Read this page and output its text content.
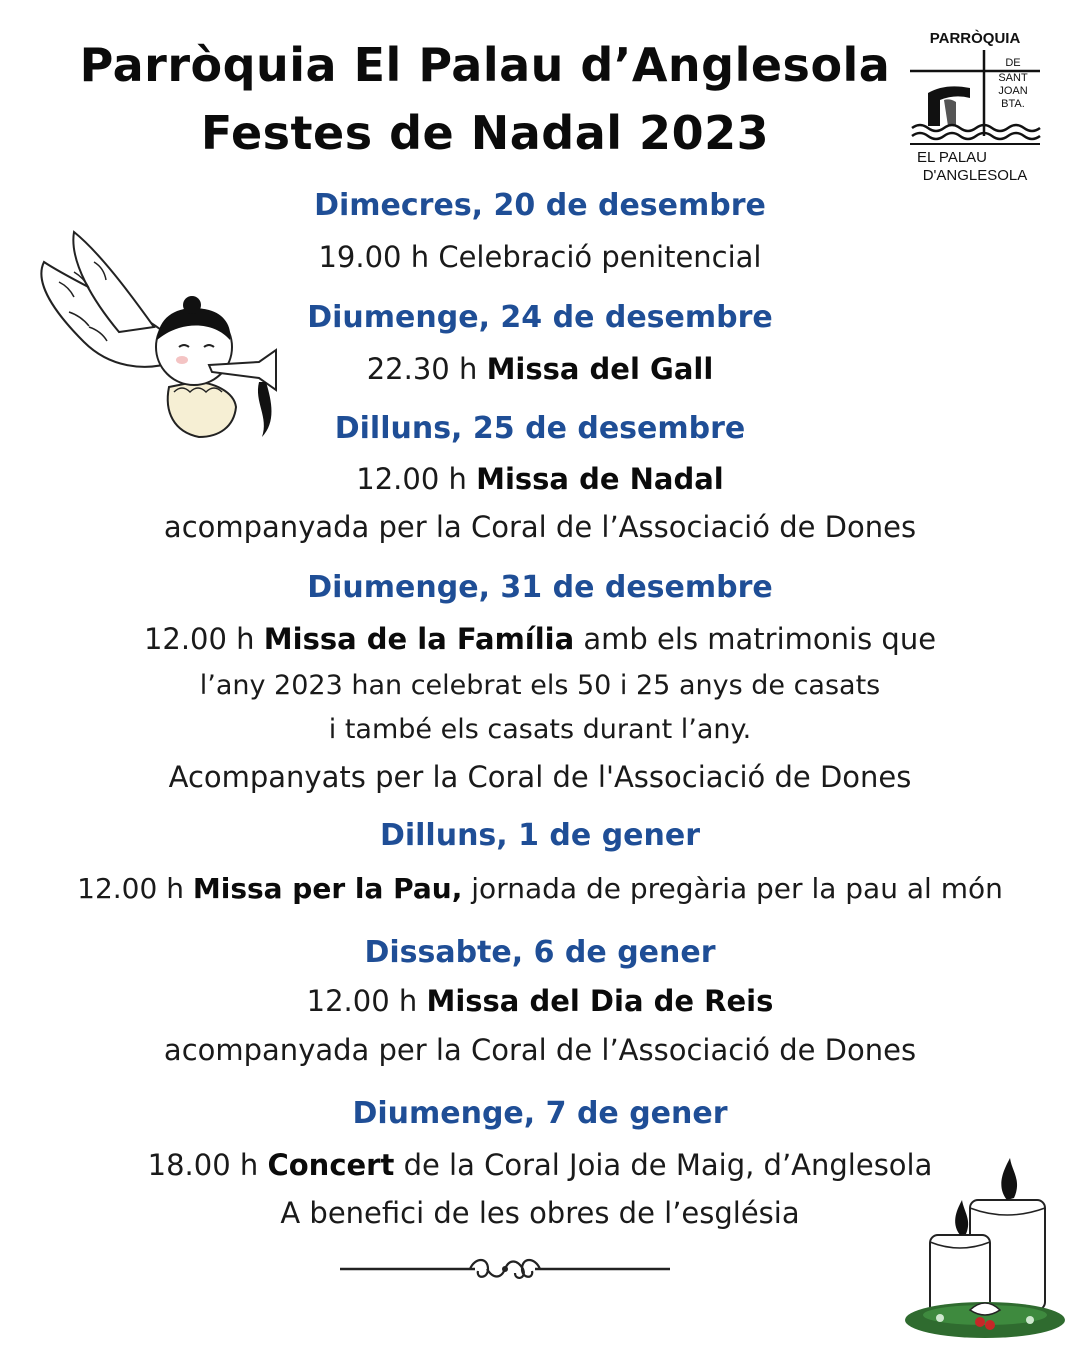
Parròquia El Palau d’Anglesola
Festes de Nadal 2023
PARRÒQUIA
DE
SANT
JOAN
BTA.
EL PALAU
D'ANGLESOLA
Dimecres, 20 de desembre
19.00 h Celebració penitencial
Diumenge, 24 de desembre
22.30 h Missa del Gall
Dilluns, 25 de desembre
12.00 h Missa de Nadal
acompanyada per la Coral de l’Associació de Dones
Diumenge, 31 de desembre
12.00 h Missa de la Família amb els matrimonis que
l’any 2023 han celebrat els 50 i 25 anys de casats
i també els casats durant l’any.
Acompanyats per la Coral de l'Associació de Dones
Dilluns, 1 de gener
12.00 h Missa per la Pau, jornada de pregària per la pau al món
Dissabte, 6 de gener
12.00 h Missa del Dia de Reis
acompanyada per la Coral de l’Associació de Dones
Diumenge, 7 de gener
18.00 h Concert de la Coral Joia de Maig, d’Anglesola
A benefici de les obres de l’església
